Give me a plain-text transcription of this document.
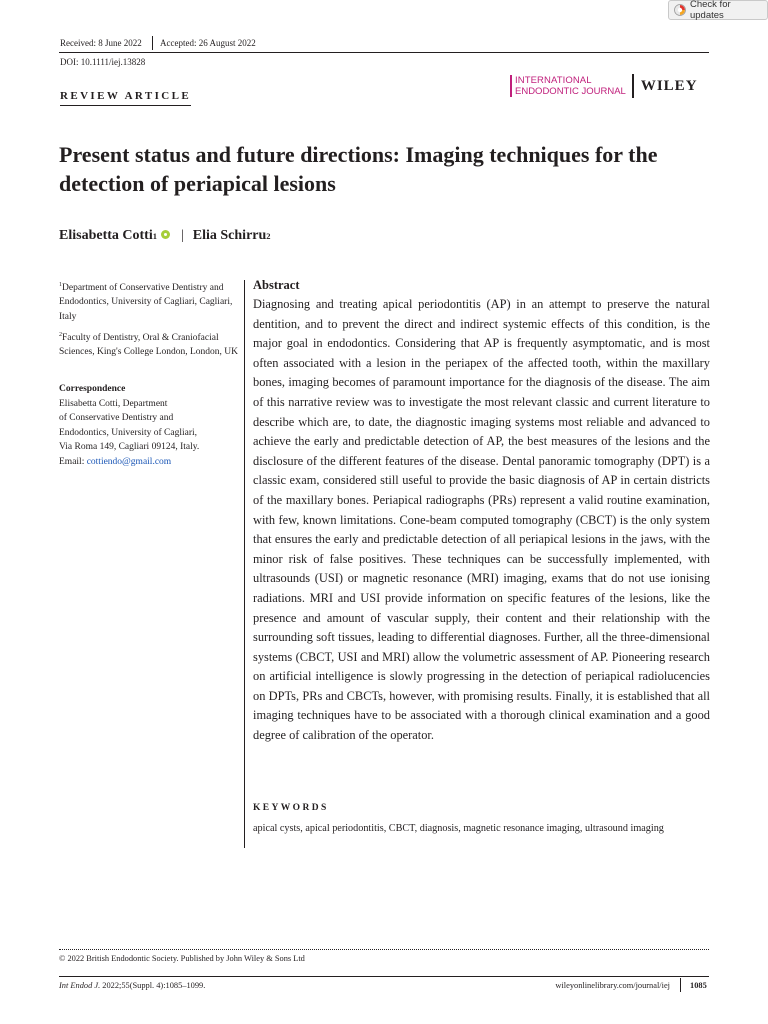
Check for updates
Received: 8 June 2022 Accepted: 26 August 2022
DOI: 10.1111/iej.13828
REVIEW ARTICLE
INTERNATIONAL
ENDODONTIC JOURNAL WILEY
Present status and future directions: Imaging techniques for the detection of periapical lesions
Elisabetta Cotti 1 | Elia Schirru 2

$^1$Department of Conservative Dentistry and Endodontics, University of Cagliari, Cagliari, Italy

$^2$Faculty of Dentistry, Oral & Craniofacial Sciences, King's College London, London, UK

Correspondence

Elisabetta Cotti, Department

of Conservative Dentistry and

Endodontics, University of Cagliari,

Via Roma 149, Cagliari 09124, Italy.

Email: cottiendo@gmail.com

Abstract
Diagnosing and treating apical periodontitis (AP) in an attempt to preserve the natural dentition, and to prevent the direct and indirect systemic effects of this condition, is the major goal in endodontics. Considering that AP is frequently asymptomatic, and is most often associated with a lesion in the periapex of the affected tooth, within the maxillary bones, imaging becomes of paramount importance for the diagnosis of the disease. The aim of this narrative review was to investigate the most relevant classic and current literature to describe which are, to date, the diagnostic imaging systems most reliable and advanced to achieve the early and predictable detection of AP, the best measures of the lesions and the disclosure of the different features of the disease. Dental panoramic tomography (DPT) is a classic exam, considered still useful to provide the basic diagnosis of AP in certain districts of the maxillary bones. Periapical radiographs (PRs) represent a valid routine examination, with few, known limitations. Cone-beam computed tomography (CBCT) is the only system that ensures the early and predictable detection of all periapical lesions in the jaws, with the minor risk of false positives. These techniques can be successfully implemented, with ultrasounds (USI) or magnetic resonance (MRI) imaging, exams that do not use ionising radiations. MRI and USI provide information on specific features of the lesions, like the presence and amount of vascular supply, their content and their relationship with the surrounding soft tissues, leading to differential diagnoses. Further, all the three-dimensional systems (CBCT, USI and MRI) allow the volumetric assessment of AP. Pioneering research on artificial intelligence is slowly progressing in the detection of periapical radiolucencies on DPTs, PRs and CBCTs, however, with promising results. Finally, it is established that all imaging techniques have to be associated with a thorough clinical examination and a good degree of calibration of the operator.
KEYWORDS
apical cysts, apical periodontitis, CBCT, diagnosis, magnetic resonance imaging, ultrasound imaging
© 2022 British Endodontic Society. Published by John Wiley & Sons Ltd
Int Endod J. 2022;55(Suppl. 4):1085–1099.	wileyonlinelibrary.com/journal/iej 1085
